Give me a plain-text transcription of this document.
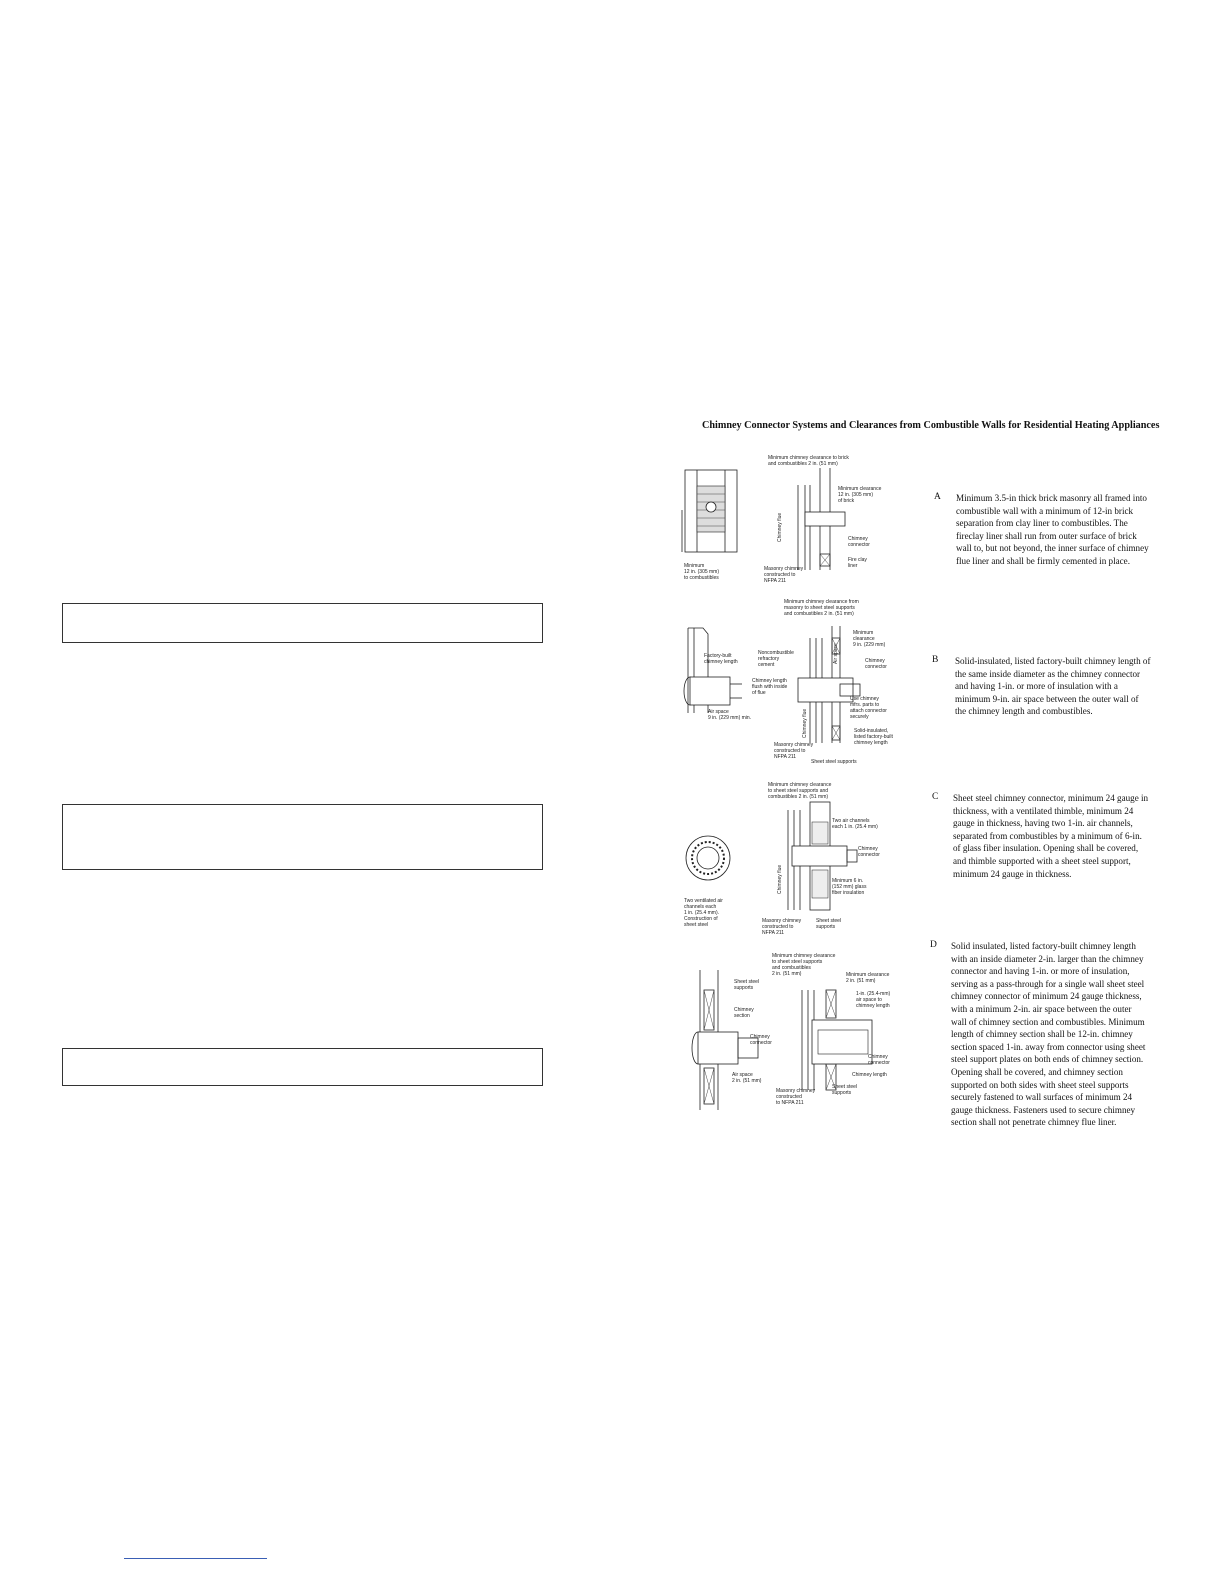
Chimney Connector Systems and Clearances from Combustible Walls for Residential Heating Appliances
A	Minimum 3.5-in thick brick masonry all framed into combustible wall with a minimum of 12-in brick separation from clay liner to combustibles. The fireclay liner shall run from outer surface of brick wall to, but not beyond, the inner surface of chimney flue liner and shall be firmly cemented in place.
B	Solid-insulated, listed factory-built chimney length of the same inside diameter as the chimney connector and having 1-in. or more of insulation with a minimum 9-in. air space between the outer wall of the chimney length and combustibles.
C	Sheet steel chimney connector, minimum 24 gauge in thickness, with a ventilated thimble, minimum 24 gauge in thickness, having two 1-in. air channels, separated from combustibles by a minimum of 6-in. of glass fiber insulation. Opening shall be covered, and thimble supported with a sheet steel support, minimum 24 gauge in thickness.
D	Solid insulated, listed factory-built chimney length with an inside diameter 2-in. larger than the chimney connector and having 1-in. or more of insulation, serving as a pass-through for a single wall sheet steel chimney connector of minimum 24 gauge thickness, with a minimum 2-in. air space between the outer wall of chimney section and combustibles. Minimum length of chimney section shall be 12-in. chimney section spaced 1-in. away from connector using sheet steel support plates on both ends of chimney section. Opening shall be covered, and chimney section supported on both sides with sheet steel supports securely fastened to wall surfaces of minimum 24 gauge thickness. Fasteners used to secure chimney section shall not penetrate chimney flue liner.
Minimum
12 in. (305 mm)
to combustibles
Minimum chimney clearance to brick
and combustibles 2 in. (51 mm)
Chimney flue
Minimum clearance
12 in. (305 mm)
of brick
Chimney
connector
Fire clay
liner
Masonry chimney
constructed to
NFPA 211
Minimum chimney clearance from
masonry to sheet steel supports
and combustibles 2 in. (51 mm)
Factory-built
chimney length
Air space
9 in. (229 mm) min.
Minimum
clearance
9 in. (229 mm)
Air space
Noncombustible
refractory
cement
Chimney length
flush with inside
of flue
Chimney
connector
Use chimney
mfrs. parts to
attach connector
securely
Chimney flue	Solid-insulated,
listed factory-built
chimney length
Masonry chimney
constructed to
NFPA 211
Sheet steel supports
Minimum chimney clearance
to sheet steel supports and
combustibles 2 in. (51 mm)
Two ventilated air
channels each
1 in. (25.4 mm).
Construction of
sheet steel
Two air channels
each 1 in. (25.4 mm)
Chimney
connector
Chimney flue	Minimum 6 in.
(152 mm) glass
fiber insulation
Masonry chimney
constructed to
NFPA 211
Sheet steel
supports
Minimum chimney clearance
to sheet steel supports
and combustibles
2 in. (51 mm)
Sheet steel
supports
Chimney
section
Chimney
connector
Air space
2 in. (51 mm)
Minimum clearance
2 in. (51 mm)
1-in. (25.4-mm)
air space to
chimney length
Chimney
connector
Chimney length
Masonry chimney
constructed
to NFPA 211
Sheet steel
supports
